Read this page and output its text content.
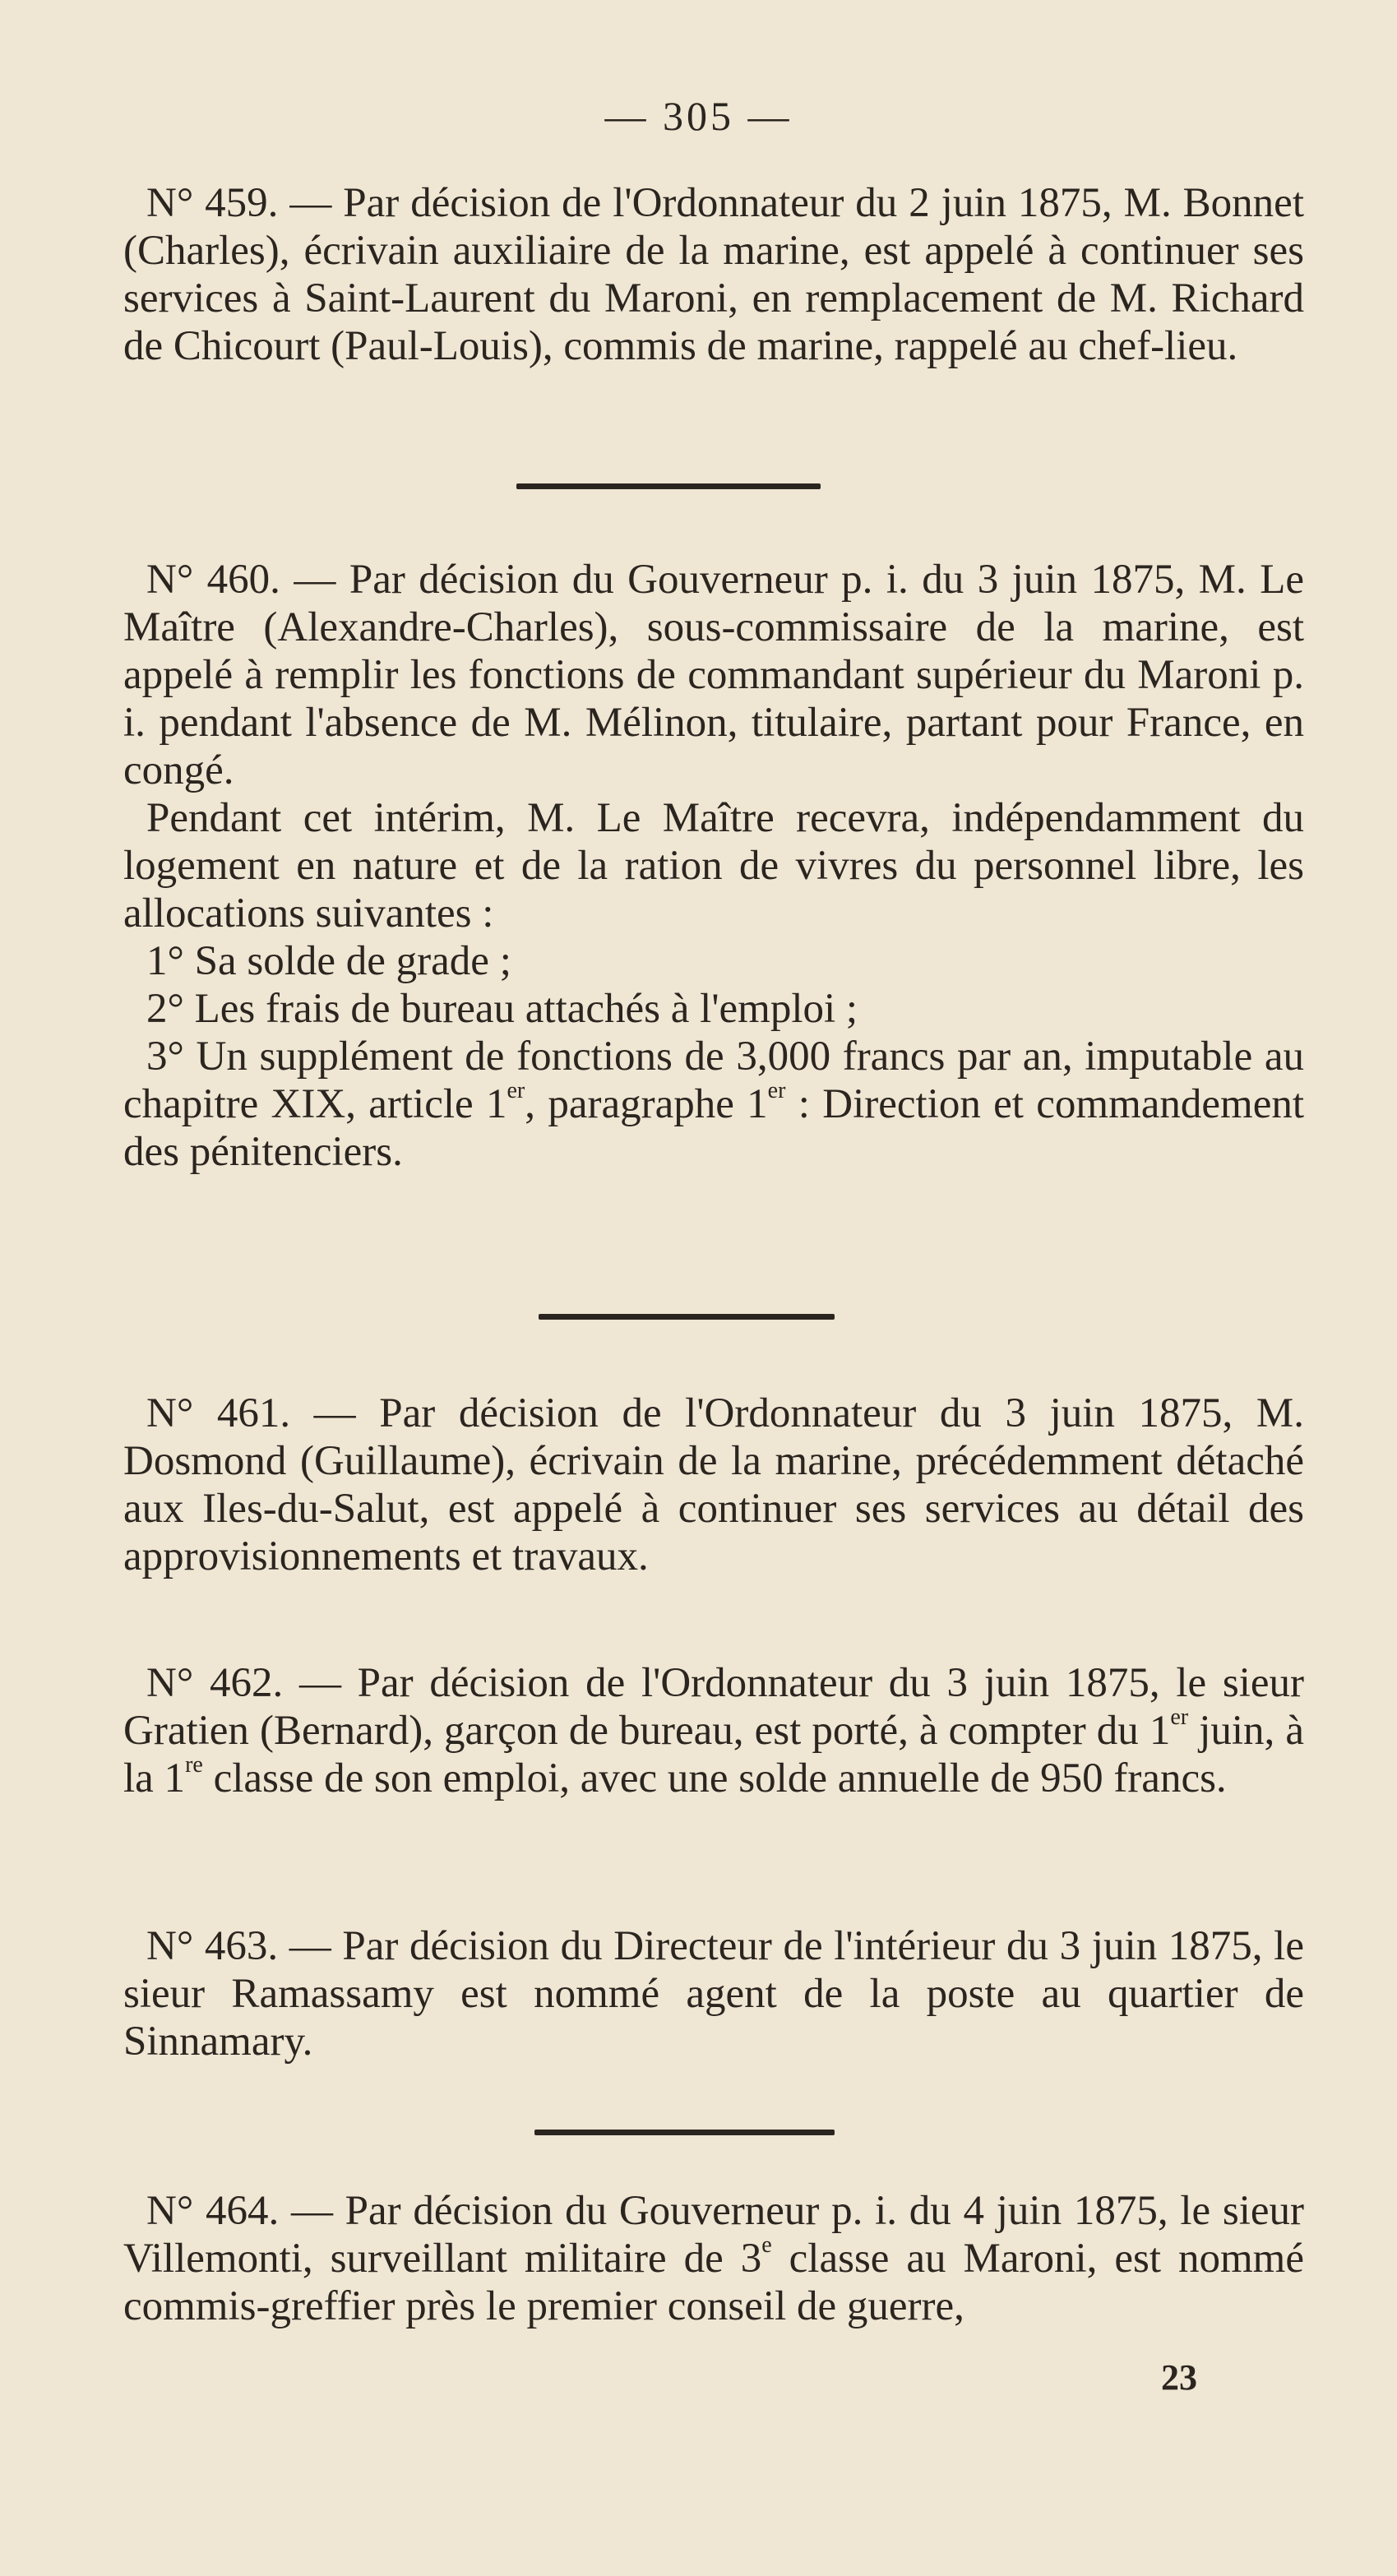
— 305 —

N° 459. — Par décision de l'Ordonnateur du 2 juin 1875, M. Bonnet (Charles), écrivain auxiliaire de la marine, est appelé à continuer ses services à Saint-Laurent du Maroni, en remplacement de M. Richard de Chicourt (Paul-Louis), commis de marine, rappelé au chef-lieu.

N° 460. — Par décision du Gouverneur p. i. du 3 juin 1875, M. Le Maître (Alexandre-Charles), sous-commissaire de la marine, est appelé à remplir les fonctions de commandant supérieur du Maroni p. i. pendant l'absence de M. Mélinon, titulaire, partant pour France, en congé.

Pendant cet intérim, M. Le Maître recevra, indépendamment du logement en nature et de la ration de vivres du personnel libre, les allocations suivantes :

1° Sa solde de grade ;

2° Les frais de bureau attachés à l'emploi ;

3° Un supplément de fonctions de 3,000 francs par an, imputable au chapitre XIX, article 1er, paragraphe 1er : Direction et commandement des pénitenciers.

N° 461. — Par décision de l'Ordonnateur du 3 juin 1875, M. Dosmond (Guillaume), écrivain de la marine, précédemment détaché aux Iles-du-Salut, est appelé à continuer ses services au détail des approvisionnements et travaux.

N° 462. — Par décision de l'Ordonnateur du 3 juin 1875, le sieur Gratien (Bernard), garçon de bureau, est porté, à compter du 1er juin, à la 1re classe de son emploi, avec une solde annuelle de 950 francs.

N° 463. — Par décision du Directeur de l'intérieur du 3 juin 1875, le sieur Ramassamy est nommé agent de la poste au quartier de Sinnamary.

N° 464. — Par décision du Gouverneur p. i. du 4 juin 1875, le sieur Villemonti, surveillant militaire de 3e classe au Maroni, est nommé commis-greffier près le premier conseil de guerre,

23
